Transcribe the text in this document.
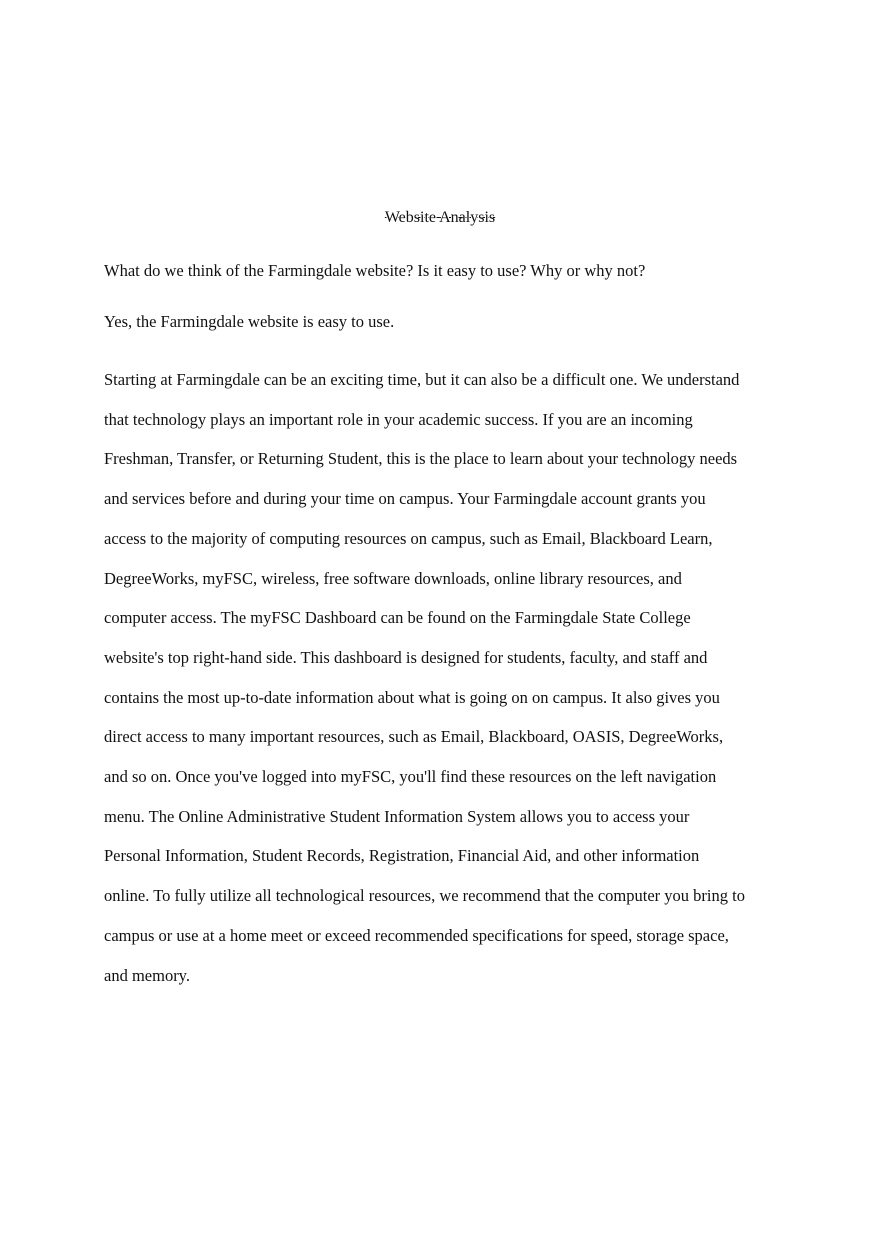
Website Analysis

What do we think of the Farmingdale website? Is it easy to use? Why or why not?

Yes, the Farmingdale website is easy to use.

Starting at Farmingdale can be an exciting time, but it can also be a difficult one. We understand
that technology plays an important role in your academic success. If you are an incoming
Freshman, Transfer, or Returning Student, this is the place to learn about your technology needs
and services before and during your time on campus. Your Farmingdale account grants you
access to the majority of computing resources on campus, such as Email, Blackboard Learn,
DegreeWorks, myFSC, wireless, free software downloads, online library resources, and
computer access. The myFSC Dashboard can be found on the Farmingdale State College
website's top right-hand side. This dashboard is designed for students, faculty, and staff and
contains the most up-to-date information about what is going on on campus. It also gives you
direct access to many important resources, such as Email, Blackboard, OASIS, DegreeWorks,
and so on. Once you've logged into myFSC, you'll find these resources on the left navigation
menu. The Online Administrative Student Information System allows you to access your
Personal Information, Student Records, Registration, Financial Aid, and other information
online. To fully utilize all technological resources, we recommend that the computer you bring to
campus or use at a home meet or exceed recommended specifications for speed, storage space,
and memory.
